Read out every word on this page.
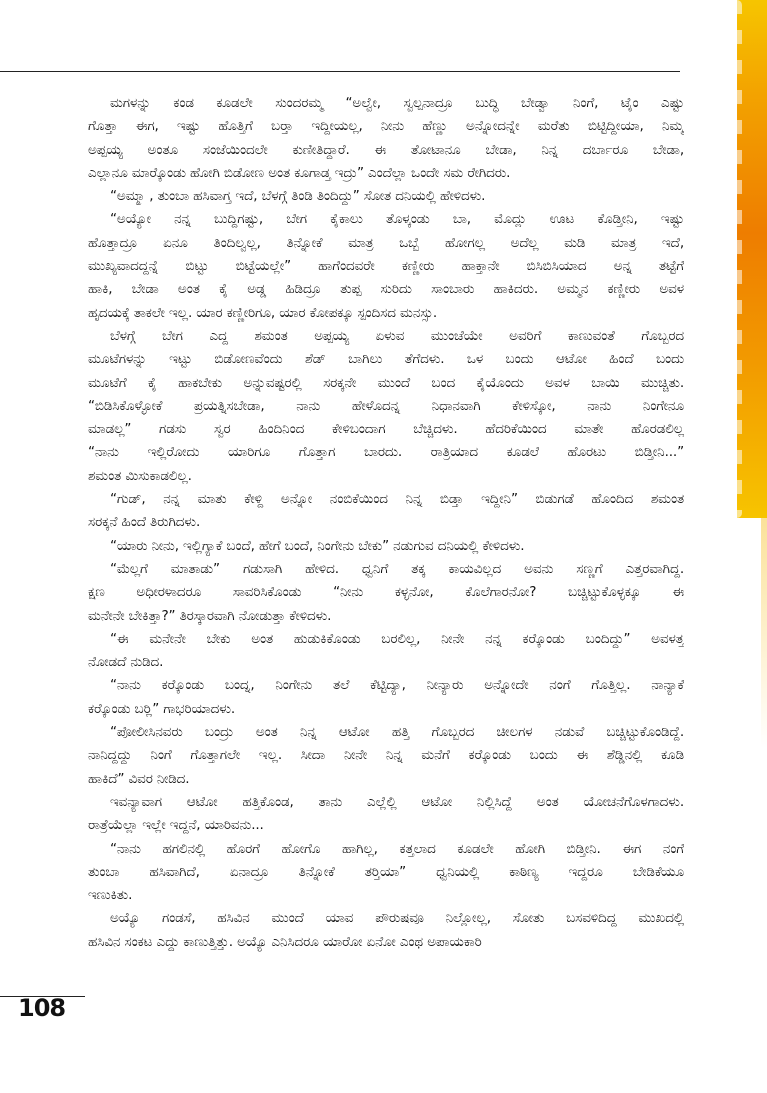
ಮಗಳನ್ನು ಕಂಡ ಕೂಡಲೇ ಸುಂದರಮ್ಮ “ಅಲ್ವೇ, ಸ್ವಲ್ಪನಾದ್ರೂ ಬುದ್ಧಿ ಬೇಡ್ವಾ ನಿಂಗೆ, ಟೈಂ ಎಷ್ಟು
ಗೊತ್ತಾ ಈಗ, ಇಷ್ಟು ಹೊತ್ತಿಗೆ ಬರ್‍ತಾ ಇದ್ದೀಯಲ್ಲ, ನೀನು ಹೆಣ್ಣು ಅನ್ನೋದನ್ನೇ ಮರೆತು ಬಿಟ್ಟಿದ್ದೀಯಾ, ನಿಮ್ಮ
ಅಪ್ಪಯ್ಯ ಅಂತೂ ಸಂಜೆಯಿಂದಲೇ ಕುಣೀತಿದ್ದಾರೆ. ಈ ತೋಟಾನೂ ಬೇಡಾ, ನಿನ್ನ ದರ್ಬಾರೂ ಬೇಡಾ,
ಎಲ್ಲಾನೂ ಮಾರ್‍ಕೊಂಡು ಹೋಗಿ ಬಿಡೋಣ ಅಂತ ಕೂಗಾಡ್ತ ಇದ್ರು” ಎಂದೆಲ್ಲಾ ಒಂದೇ ಸಮ ರೇಗಿದರು.

“ಅಮ್ಮಾ , ತುಂಬಾ ಹಸಿವಾಗ್ತ ಇದೆ, ಬೆಳಗ್ಗೆ ತಿಂಡಿ ತಿಂದಿದ್ದು” ಸೋತ ದನಿಯಲ್ಲಿ ಹೇಳಿದಳು.

“ಅಯ್ಯೋ ನನ್ನ ಬುದ್ದಿಗಷ್ಟು, ಬೇಗ ಕೈಕಾಲು ತೊಳ್ಕಂಡು ಬಾ, ಮೊದ್ಲು ಊಟ ಕೊಡ್ತೀನಿ, ಇಷ್ಟು
ಹೊತ್ತಾದ್ರೂ ಏನೂ ತಿಂದಿಲ್ವಲ್ಲ, ತಿನ್ನೋಕೆ ಮಾತ್ರ ಒಬ್ಬೆ ಹೋಗಲ್ಲ ಅದೆಲ್ಲ ಮಡಿ ಮಾತ್ರ ಇದೆ,
ಮುಖ್ಯವಾದದ್ದನ್ನೆ ಬಿಟ್ಟು ಬಿಟ್ಟೆಯಲ್ಲೇ” ಹಾಗೆಂದವರೇ ಕಣ್ಣೀರು ಹಾಕ್ತಾನೇ ಬಿಸಿಬಿಸಿಯಾದ ಅನ್ನ ತಟ್ಟೆಗೆ
ಹಾಕಿ, ಬೇಡಾ ಅಂತ ಕೈ ಅಡ್ಡ ಹಿಡಿದ್ರೂ ತುಪ್ಪ ಸುರಿದು ಸಾಂಬಾರು ಹಾಕಿದರು. ಅಮ್ಮನ ಕಣ್ಣೀರು ಅವಳ
ಹೃದಯಕ್ಕೆ ತಾಕಲೇ ಇಲ್ಲ. ಯಾರ ಕಣ್ಣೀರಿಗೂ, ಯಾರ ಕೋಪಕ್ಕೂ ಸ್ಪಂದಿಸದ ಮನಸ್ಸು.

ಬೆಳಗ್ಗೆ ಬೇಗ ಎದ್ದ ಶಮಂತ ಅಪ್ಪಯ್ಯ ಏಳುವ ಮುಂಚೆಯೇ ಅವರಿಗೆ ಕಾಣುವಂತೆ ಗೊಬ್ಬರದ
ಮೂಟೆಗಳನ್ನು ಇಟ್ಟು ಬಿಡೋಣವೆಂದು ಶೆಡ್ ಬಾಗಿಲು ತೆಗೆದಳು. ಒಳ ಬಂದು ಆಟೋ ಹಿಂದೆ ಬಂದು
ಮೂಟೆಗೆ ಕೈ ಹಾಕಬೇಕು ಅನ್ನುವಷ್ಟರಲ್ಲಿ ಸರಕ್ಕನೇ ಮುಂದೆ ಬಂದ ಕೈಯೊಂದು ಅವಳ ಬಾಯಿ ಮುಚ್ಚಿತು.
“ಬಿಡಿಸಿಕೊಳ್ಳೋಕೆ ಪ್ರಯತ್ನಿಸಬೇಡಾ, ನಾನು ಹೇಳೊದನ್ನ ನಿಧಾನವಾಗಿ ಕೇಳಿಸ್ಕೋ, ನಾನು ನಿಂಗೇನೂ
ಮಾಡಲ್ಲ” ಗಡಸು ಸ್ವರ ಹಿಂದಿನಿಂದ ಕೇಳಿಬಂದಾಗ ಬೆಚ್ಚಿದಳು. ಹೆದರಿಕೆಯಿಂದ ಮಾತೇ ಹೊರಡಲಿಲ್ಲ
“ನಾನು ಇಲ್ಲಿರೋದು ಯಾರಿಗೂ ಗೊತ್ತಾಗ ಬಾರದು. ರಾತ್ರಿಯಾದ ಕೂಡಲೆ ಹೊರಟು ಬಿಡ್ತೀನಿ...”
ಶಮಂತ ಮಿಸುಕಾಡಲಿಲ್ಲ.

“ಗುಡ್, ನನ್ನ ಮಾತು ಕೇಳ್ದಿ ಅನ್ನೋ ನಂಬಿಕೆಯಿಂದ ನಿನ್ನ ಬಿಡ್ತಾ ಇದ್ದೀನಿ” ಬಿಡುಗಡೆ ಹೊಂದಿದ ಶಮಂತ
ಸರಕ್ಕನೆ ಹಿಂದೆ ತಿರುಗಿದಳು.

“ಯಾರು ನೀನು, ಇಲ್ಲಿಗ್ಯಾಕೆ ಬಂದೆ, ಹೇಗೆ ಬಂದೆ, ನಿಂಗೇನು ಬೇಕು” ನಡುಗುವ ದನಿಯಲ್ಲಿ ಕೇಳಿದಳು.

“ಮೆಲ್ಲಗೆ ಮಾತಾಡು” ಗಡುಸಾಗಿ ಹೇಳಿದ. ಧ್ವನಿಗೆ ತಕ್ಕ ಕಾಯವಿಲ್ಲದ ಅವನು ಸಣ್ಣಗೆ ಎತ್ತರವಾಗಿದ್ದ.
ಕ್ಷಣ ಅಧೀರಳಾದರೂ ಸಾವರಿಸಿಕೊಂಡು “ನೀನು ಕಳ್ಳನೋ, ಕೊಲೆಗಾರನೋ? ಬಚ್ಚಿಟ್ಟುಕೊಳ್ಳಕ್ಕೂ ಈ
ಮನೇನೇ ಬೇಕಿತ್ತಾ?” ತಿರಸ್ಕಾರವಾಗಿ ನೋಡುತ್ತಾ ಕೇಳಿದಳು.

“ಈ ಮನೇನೇ ಬೇಕು ಅಂತ ಹುಡುಕಿಕೊಂಡು ಬರಲಿಲ್ಲ, ನೀನೇ ನನ್ನ ಕರ್‍ಕೊಂಡು ಬಂದಿದ್ದು” ಅವಳತ್ತ
ನೋಡದೆ ನುಡಿದ.

“ನಾನು ಕರ್‍ಕೊಂಡು ಬಂದ್ನ, ನಿಂಗೇನು ತಲೆ ಕೆಟ್ಟಿದ್ಯಾ, ನೀನ್ಯಾರು ಅನ್ನೋದೇ ನಂಗೆ ಗೊತ್ತಿಲ್ಲ. ನಾನ್ಯಾಕೆ
ಕರ್‍ಕೊಂಡು ಬರ್‍ಲಿ” ಗಾಭರಿಯಾದಳು.

“ಪೋಲೀಸಿನವರು ಬಂದ್ರು ಅಂತ ನಿನ್ನ ಆಟೋ ಹತ್ತಿ ಗೊಬ್ಬರದ ಚೀಲಗಳ ನಡುವೆ ಬಚ್ಚಿಟ್ಟುಕೊಂಡಿದ್ದೆ.
ನಾನಿದ್ದದ್ದು ನಿಂಗೆ ಗೊತ್ತಾಗಲೇ ಇಲ್ಲ. ಸೀದಾ ನೀನೇ ನಿನ್ನ ಮನೆಗೆ ಕರ್‍ಕೊಂಡು ಬಂದು ಈ ಶೆಡ್ಡಿನಲ್ಲಿ ಕೂಡಿ
ಹಾಕಿದೆ” ವಿವರ ನೀಡಿದ.

ಇವನ್ಯಾವಾಗ ಆಟೋ ಹತ್ತಿಕೊಂಡ, ತಾನು ಎಲ್ಲೆಲ್ಲಿ ಆಟೋ ನಿಲ್ಲಿಸಿದ್ದೆ ಅಂತ ಯೋಚನೆಗೊಳಗಾದಳು.
ರಾತ್ರೆಯೆಲ್ಲಾ ಇಲ್ಲೇ ಇದ್ದನೆ, ಯಾರಿವನು...

“ನಾನು ಹಗಲಿನಲ್ಲಿ ಹೊರಗೆ ಹೋಗೊ ಹಾಗಿಲ್ಲ, ಕತ್ತಲಾದ ಕೂಡಲೇ ಹೋಗಿ ಬಿಡ್ತೀನಿ. ಈಗ ನಂಗೆ
ತುಂಬಾ ಹಸಿವಾಗಿದೆ, ಏನಾದ್ರೂ ತಿನ್ನೋಕೆ ತರ್‍ತಿಯಾ” ಧ್ವನಿಯಲ್ಲಿ ಕಾಠಿಣ್ಯ ಇದ್ದರೂ ಬೇಡಿಕೆಯೂ
ಇಣುಕಿತು.

ಅಯ್ಯೊ ಗಂಡಸೆ, ಹಸಿವಿನ ಮುಂದೆ ಯಾವ ಪೌರುಷವೂ ನಿಲ್ಲೋಲ್ಲ, ಸೋತು ಬಸವಳಿದಿದ್ದ ಮುಖದಲ್ಲಿ
ಹಸಿವಿನ ಸಂಕಟ ಎದ್ದು ಕಾಣುತ್ತಿತ್ತು. ಅಯ್ಯೊ ಎನಿಸಿದರೂ ಯಾರೋ ಏನೋ ಎಂಥ ಅಪಾಯಕಾರಿ

108
